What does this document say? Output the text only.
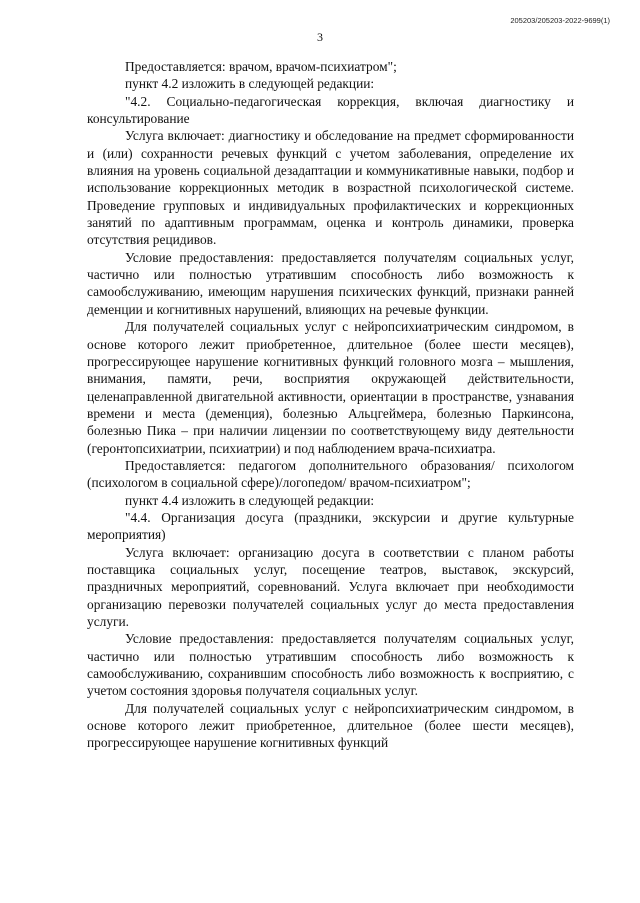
205203/205203-2022-9699(1)
3

Предоставляется: врачом, врачом-психиатром";

пункт 4.2 изложить в следующей редакции:

"4.2. Социально-педагогическая коррекция, включая диагностику и консультирование

Услуга включает: диагностику и обследование на предмет сформированности и (или) сохранности речевых функций с учетом заболевания, определение их влияния на уровень социальной дезадаптации и коммуникативные навыки, подбор и использование коррекционных методик в возрастной психологической системе. Проведение групповых и индивидуальных профилактических и коррекционных занятий по адаптивным программам, оценка и контроль динамики, проверка отсутствия рецидивов.

Условие предоставления: предоставляется получателям социальных услуг, частично или полностью утратившим способность либо возможность к самообслуживанию, имеющим нарушения психических функций, признаки ранней деменции и когнитивных нарушений, влияющих на речевые функции.

Для получателей социальных услуг с нейропсихиатрическим синдромом, в основе которого лежит приобретенное, длительное (более шести месяцев), прогрессирующее нарушение когнитивных функций головного мозга – мышления, внимания, памяти, речи, восприятия окружающей действительности, целенаправленной двигательной активности, ориентации в пространстве, узнавания времени и места (деменция), болезнью Альцгеймера, болезнью Паркинсона, болезнью Пика – при наличии лицензии по соответствующему виду деятельности (геронтопсихиатрии, психиатрии) и под наблюдением врача-психиатра.

Предоставляется: педагогом дополнительного образования/ психологом (психологом в социальной сфере)/логопедом/ врачом-психиатром";

пункт 4.4 изложить в следующей редакции:

"4.4. Организация досуга (праздники, экскурсии и другие культурные мероприятия)

Услуга включает: организацию досуга в соответствии с планом работы поставщика социальных услуг, посещение театров, выставок, экскурсий, праздничных мероприятий, соревнований. Услуга включает при необходимости организацию перевозки получателей социальных услуг до места предоставления услуги.

Условие предоставления: предоставляется получателям социальных услуг, частично или полностью утратившим способность либо возможность к самообслуживанию, сохранившим способность либо возможность к восприятию, с учетом состояния здоровья получателя социальных услуг.

Для получателей социальных услуг с нейропсихиатрическим синдромом, в основе которого лежит приобретенное, длительное (более шести месяцев), прогрессирующее нарушение когнитивных функций
